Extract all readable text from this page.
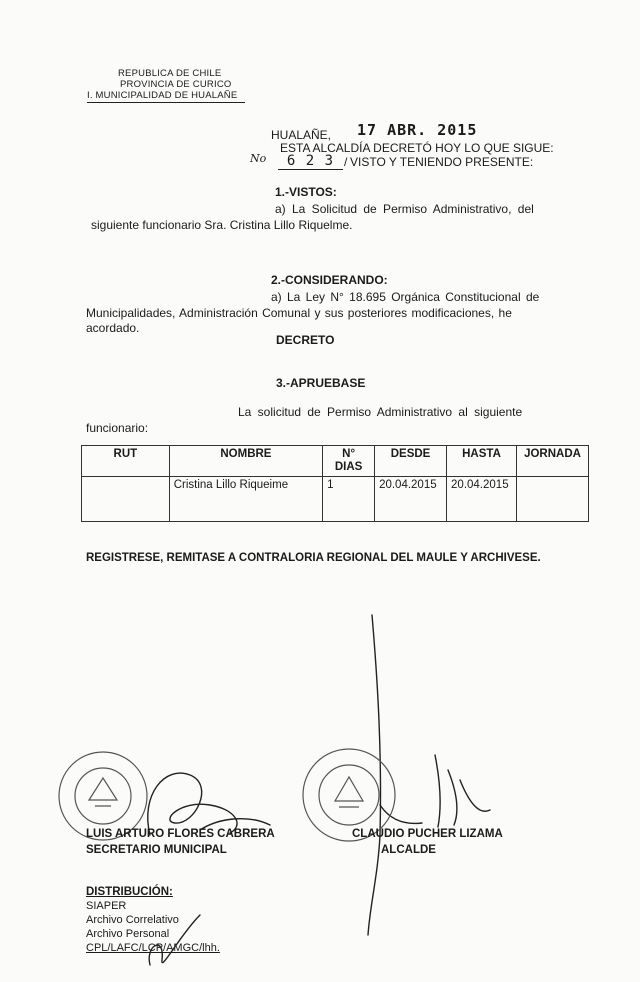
REPUBLICA DE CHILE
PROVINCIA DE CURICO
I. MUNICIPALIDAD DE HUALAÑE
HUALAÑE, 17 ABR. 2015
ESTA ALCALDÍA DECRETÓ HOY LO QUE SIGUE:
No	6 2 3	VISTO Y TENIENDO PRESENTE:
/
1.-VISTOS:
a) La Solicitud de Permiso Administrativo, del
siguiente funcionario Sra. Cristina Lillo Riquelme.
2.-CONSIDERANDO:
a) La Ley N° 18.695 Orgánica Constitucional de
Municipalidades, Administración Comunal y sus posteriores modificaciones, he
acordado.
DECRETO
3.-APRUEBASE
La solicitud de Permiso Administrativo al siguiente
funcionario:
RUT	NOMBRE	N° DIAS	DESDE	HASTA	JORNADA
	Cristina Lillo Riqueime	1	20.04.2015	20.04.2015	
REGISTRESE, REMITASE A CONTRALORIA REGIONAL DEL MAULE Y ARCHIVESE.
LUIS ARTURO FLORES CABRERA
SECRETARIO MUNICIPAL
CLAUDIO PUCHER LIZAMA
ALCALDE
DISTRIBUCIÓN:
SIAPER
Archivo Correlativo
Archivo Personal
CPL/LAFC/LCP/AMGC/lhh.
